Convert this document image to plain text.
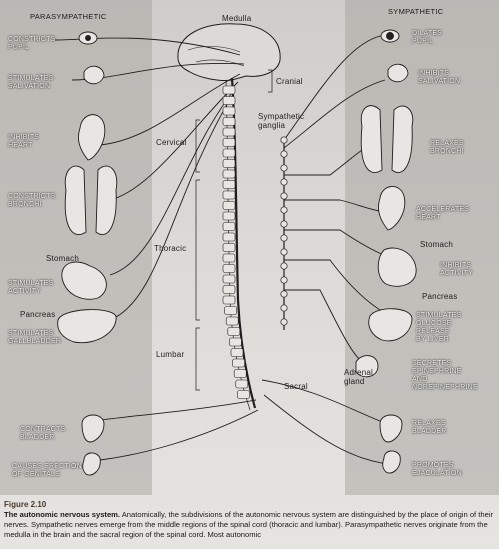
PARASYMPATHETIC
SYMPATHETIC
Medulla
Cranial
Sympathetic
ganglia
Cervical
Thoracic
Lumbar
Sacral
Stomach
Stomach
Pancreas
Pancreas
Adrenal
gland
CONSTRICTS
PUPIL
STIMULATES
SALIVATION
INHIBITS
HEART
CONSTRICTS
BRONCHI
STIMULATES
ACTIVITY
STIMULATES
GALLBLADDER
CONTRACTS
BLADDER
CAUSES ERECTION
OF GENITALS
DILATES
PUPIL
INHIBITS
SALIVATION
RELAXES
BRONCHI
ACCELERATES
HEART
INHIBITS
ACTIVITY
STIMULATES
GLUCOSE
RELEASE
BY LIVER
SECRETES
EPINEPHRINE
AND
NOREPINEPHRINE
RELAXES
BLADDER
PROMOTES
EJACULATION
Figure 2.10
The autonomic nervous system. Anatomically, the subdivisions of the autonomic nervous system are distinguished by the place of origin of their nerves. Sympathetic nerves emerge from the middle regions of the spinal cord (thoracic and lumbar). Parasympathetic nerves originate from the medulla in the brain and the sacral region of the spinal cord. Most autonomic
